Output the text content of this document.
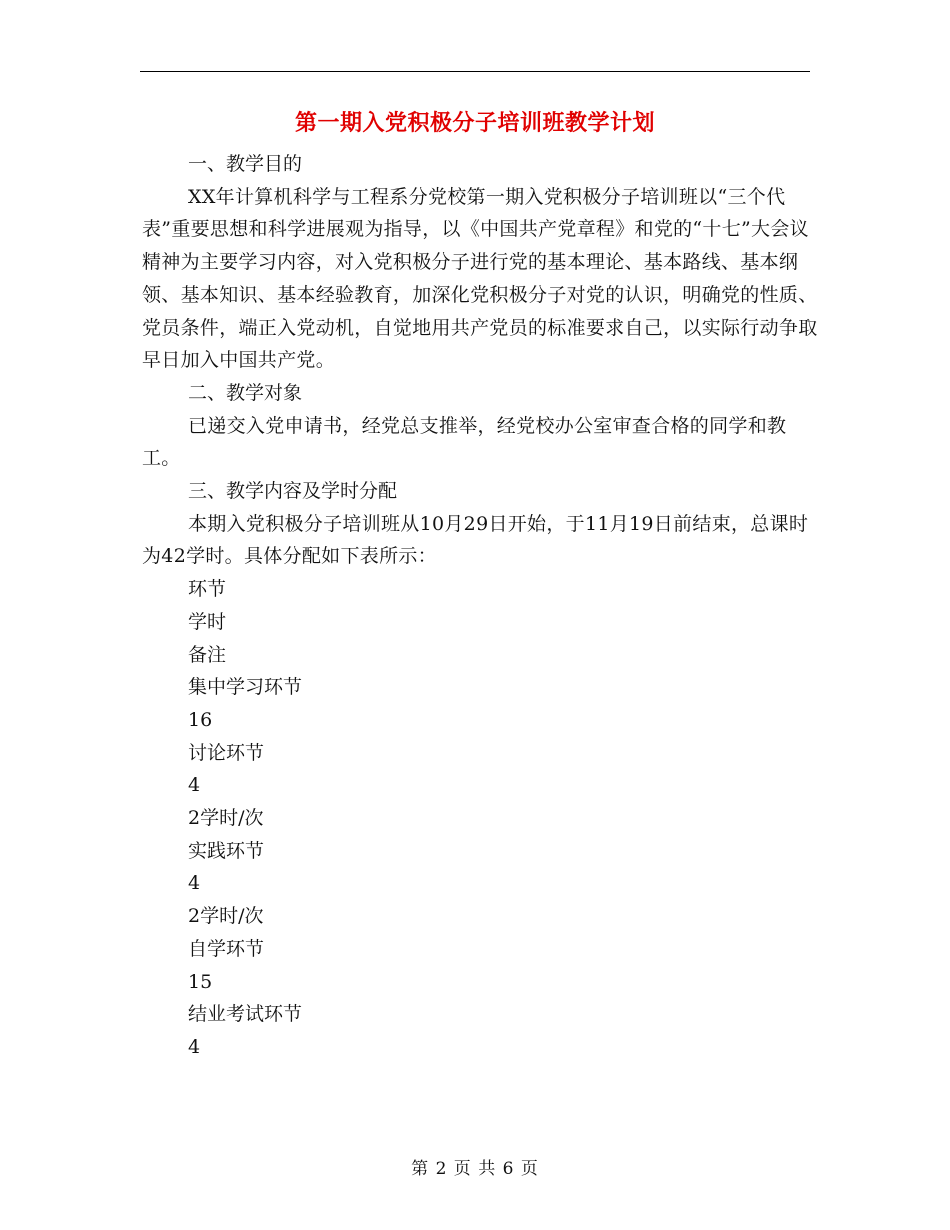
第一期入党积极分子培训班教学计划

一、教学目的

XX年计算机科学与工程系分党校第一期入党积极分子培训班以“三个代表”重要思想和科学进展观为指导，以《中国共产党章程》和党的“十七”大会议精神为主要学习内容，对入党积极分子进行党的基本理论、基本路线、基本纲领、基本知识、基本经验教育，加深化党积极分子对党的认识，明确党的性质、党员条件，端正入党动机，自觉地用共产党员的标准要求自己，以实际行动争取早日加入中国共产党。

二、教学对象

已递交入党申请书，经党总支推举，经党校办公室审查合格的同学和教工。

三、教学内容及学时分配

本期入党积极分子培训班从10月29日开始，于11月19日前结束，总课时为42学时。具体分配如下表所示：

环节
学时
备注
集中学习环节
16
讨论环节
4
2学时/次
实践环节
4
2学时/次
自学环节
15
结业考试环节
4
第 2 页 共 6 页
